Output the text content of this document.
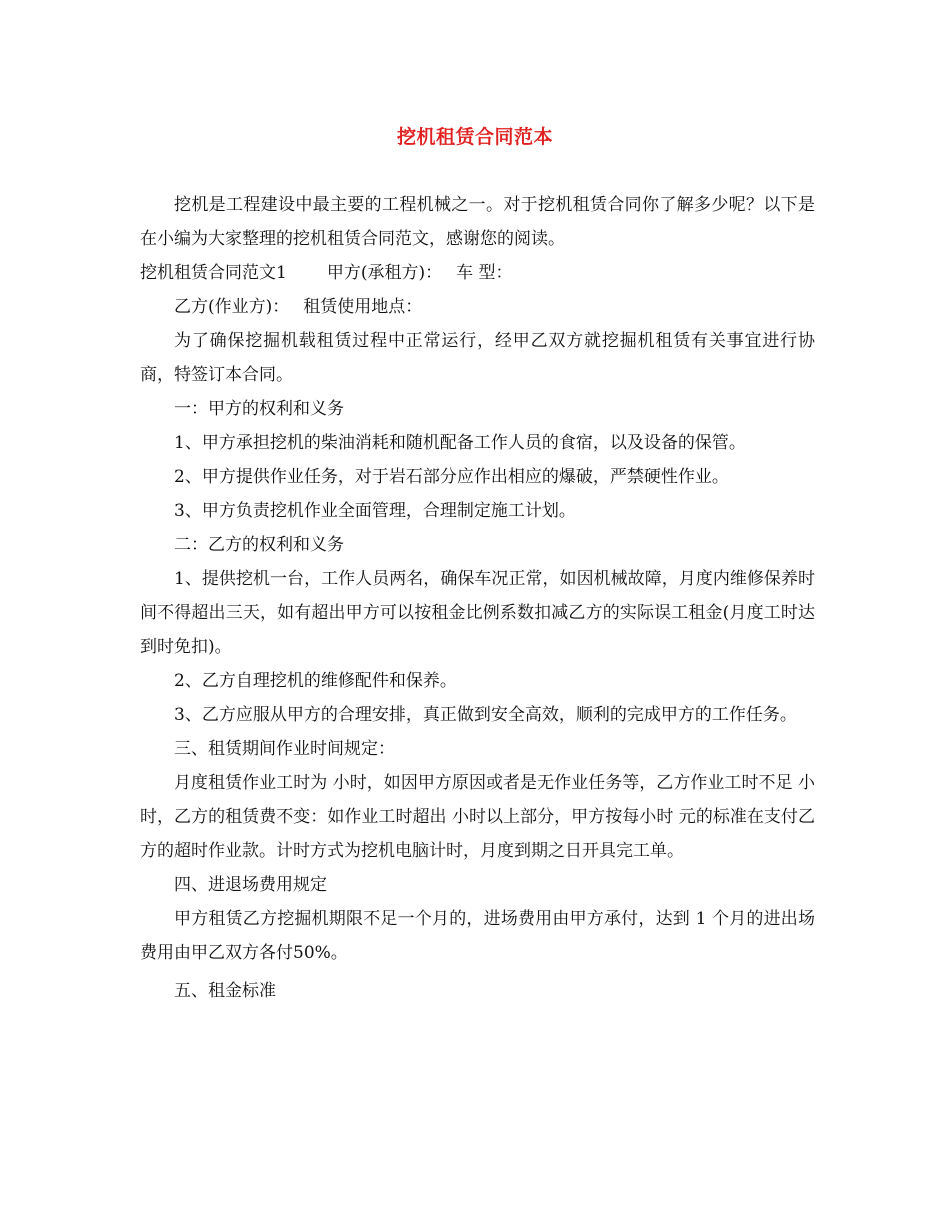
挖机租赁合同范本

挖机是工程建设中最主要的工程机械之一。对于挖机租赁合同你了解多少呢？以下是在小编为大家整理的挖机租赁合同范文，感谢您的阅读。

挖机租赁合同范文1 甲方(承租方)： 车 型：

乙方(作业方)： 租赁使用地点：

为了确保挖掘机载租赁过程中正常运行，经甲乙双方就挖掘机租赁有关事宜进行协商，特签订本合同。

一：甲方的权利和义务

1、甲方承担挖机的柴油消耗和随机配备工作人员的食宿，以及设备的保管。

2、甲方提供作业任务，对于岩石部分应作出相应的爆破，严禁硬性作业。

3、甲方负责挖机作业全面管理，合理制定施工计划。

二：乙方的权利和义务

1、提供挖机一台，工作人员两名，确保车况正常，如因机械故障，月度内维修保养时间不得超出三天，如有超出甲方可以按租金比例系数扣减乙方的实际误工租金(月度工时达到时免扣)。

2、乙方自理挖机的维修配件和保养。

3、乙方应服从甲方的合理安排，真正做到安全高效，顺利的完成甲方的工作任务。

三、租赁期间作业时间规定：

月度租赁作业工时为 小时，如因甲方原因或者是无作业任务等，乙方作业工时不足 小时，乙方的租赁费不变：如作业工时超出 小时以上部分，甲方按每小时 元的标准在支付乙方的超时作业款。计时方式为挖机电脑计时，月度到期之日开具完工单。

四、进退场费用规定

甲方租赁乙方挖掘机期限不足一个月的，进场费用由甲方承付，达到 1 个月的进出场费用由甲乙双方各付50%。

五、租金标准
